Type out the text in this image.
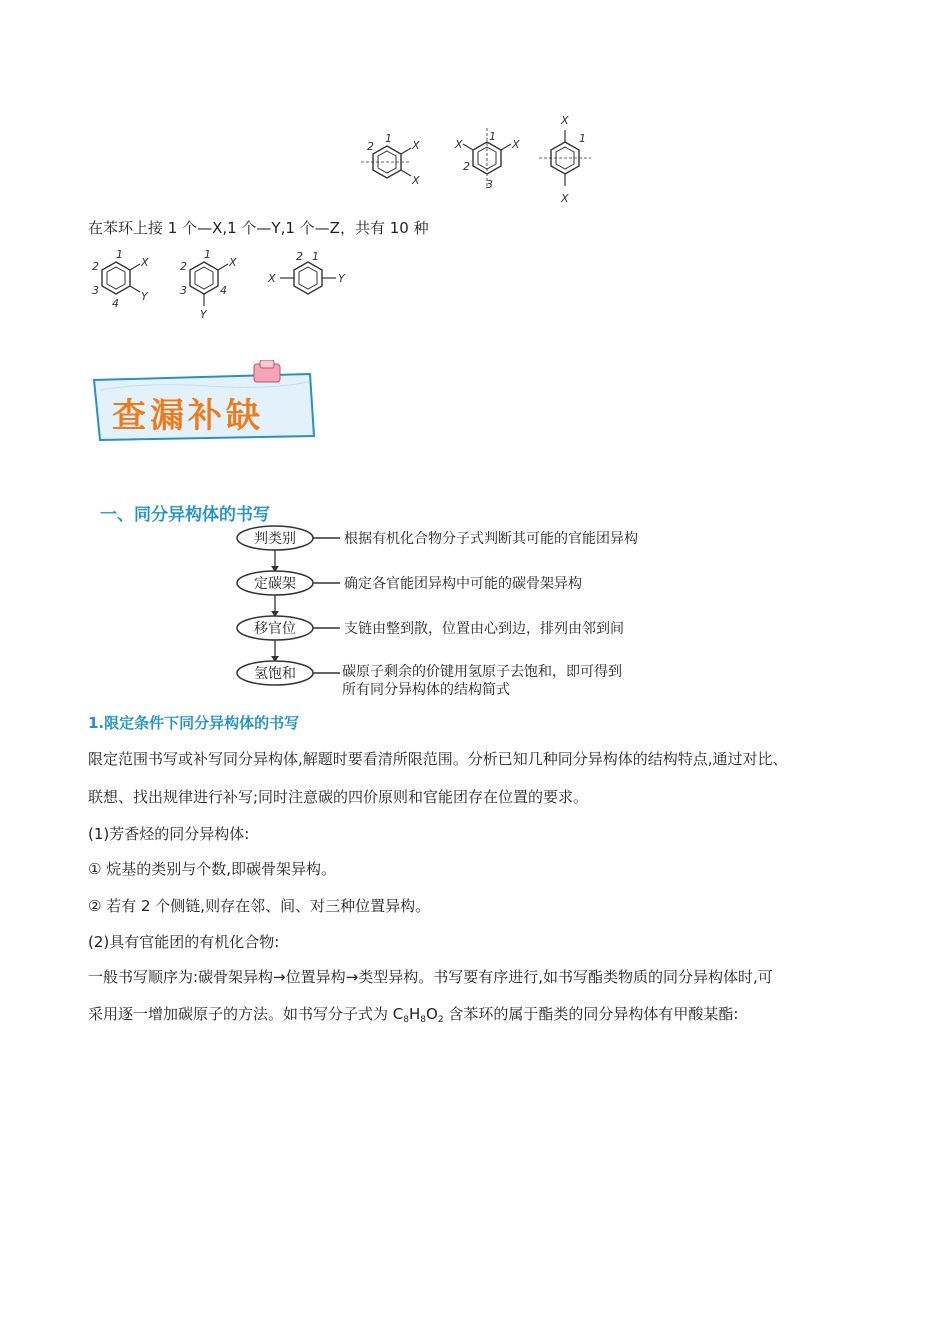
2
1
X
X
X
1
X
2
3
X
1
X
在苯环上接 1 个—X,1 个—Y,1 个—Z，共有 10 种
2
1
X
3
4
Y
2
1
X
3	4
Y
2 1
X	Y
查漏补缺
一、同分异构体的书写
判类别	根据有机化合物分子式判断其可能的官能团异构
定碳架	确定各官能团异构中可能的碳骨架异构
移官位	支链由整到散，位置由心到边，排列由邻到间
氢饱和	碳原子剩余的价键用氢原子去饱和，即可得到
所有同分异构体的结构简式
1.限定条件下同分异构体的书写
限定范围书写或补写同分异构体,解题时要看清所限范围。分析已知几种同分异构体的结构特点,通过对比、
联想、找出规律进行补写;同时注意碳的四价原则和官能团存在位置的要求。
(1)芳香烃的同分异构体:
① 烷基的类别与个数,即碳骨架异构。
② 若有 2 个侧链,则存在邻、间、对三种位置异构。
(2)具有官能团的有机化合物:
一般书写顺序为:碳骨架异构→位置异构→类型异构。书写要有序进行,如书写酯类物质的同分异构体时,可
采用逐一增加碳原子的方法。如书写分子式为 $C_8H_8O_2$ 含苯环的属于酯类的同分异构体有甲酸某酯:
